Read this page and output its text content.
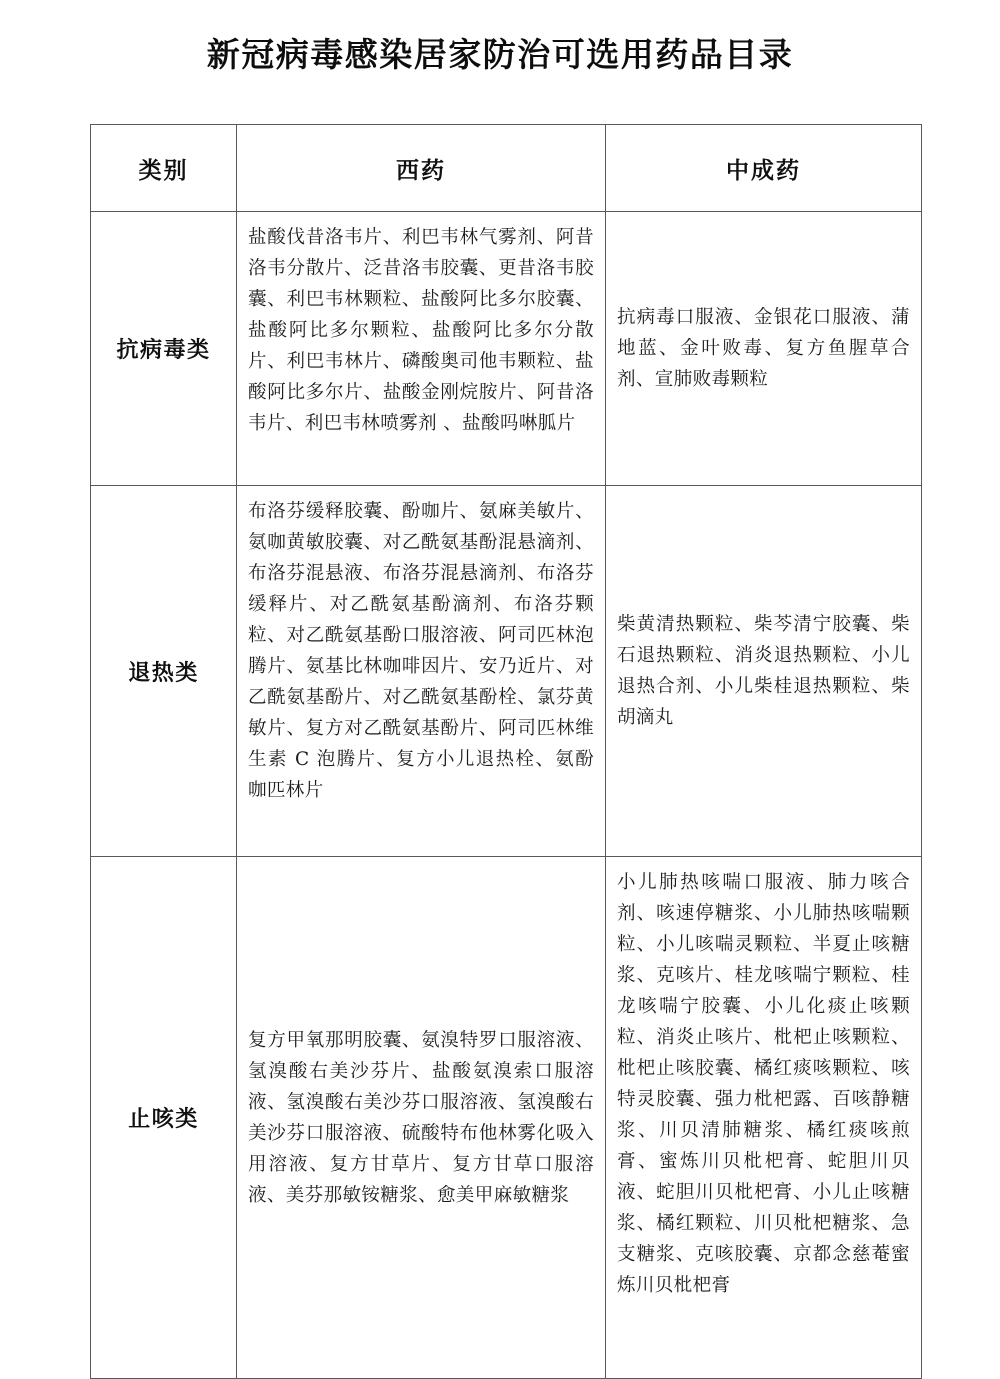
新冠病毒感染居家防治可选用药品目录
类别	西药	中成药
抗病毒类	盐酸伐昔洛韦片、利巴韦林气雾剂、阿昔洛韦分散片、泛昔洛韦胶囊、更昔洛韦胶囊、利巴韦林颗粒、盐酸阿比多尔胶囊、盐酸阿比多尔颗粒、盐酸阿比多尔分散片、利巴韦林片、磷酸奥司他韦颗粒、盐酸阿比多尔片、盐酸金刚烷胺片、阿昔洛韦片、利巴韦林喷雾剂 、盐酸吗啉胍片	抗病毒口服液、金银花口服液、蒲地蓝、金叶败毒、复方鱼腥草合剂、宣肺败毒颗粒

退热类	布洛芬缓释胶囊、酚咖片、氨麻美敏片、氨咖黄敏胶囊、对乙酰氨基酚混悬滴剂、布洛芬混悬液、布洛芬混悬滴剂、布洛芬缓释片、对乙酰氨基酚滴剂、布洛芬颗粒、对乙酰氨基酚口服溶液、阿司匹林泡腾片、氨基比林咖啡因片、安乃近片、对乙酰氨基酚片、对乙酰氨基酚栓、氯芬黄敏片、复方对乙酰氨基酚片、阿司匹林维生素 C 泡腾片、复方小儿退热栓、氨酚咖匹林片	柴黄清热颗粒、柴芩清宁胶囊、柴石退热颗粒、消炎退热颗粒、小儿退热合剂、小儿柴桂退热颗粒、柴胡滴丸

止咳类	复方甲氧那明胶囊、氨溴特罗口服溶液、氢溴酸右美沙芬片、盐酸氨溴索口服溶液、氢溴酸右美沙芬口服溶液、氢溴酸右美沙芬口服溶液、硫酸特布他林雾化吸入用溶液、复方甘草片、复方甘草口服溶液、美芬那敏铵糖浆、愈美甲麻敏糖浆	小儿肺热咳喘口服液、肺力咳合剂、咳速停糖浆、小儿肺热咳喘颗粒、小儿咳喘灵颗粒、半夏止咳糖浆、克咳片、桂龙咳喘宁颗粒、桂龙咳喘宁胶囊、小儿化痰止咳颗粒、消炎止咳片、枇杷止咳颗粒、枇杷止咳胶囊、橘红痰咳颗粒、咳特灵胶囊、强力枇杷露、百咳静糖浆、川贝清肺糖浆、橘红痰咳煎膏、蜜炼川贝枇杷膏、蛇胆川贝液、蛇胆川贝枇杷膏、小儿止咳糖浆、橘红颗粒、川贝枇杷糖浆、急支糖浆、克咳胶囊、京都念慈菴蜜炼川贝枇杷膏
